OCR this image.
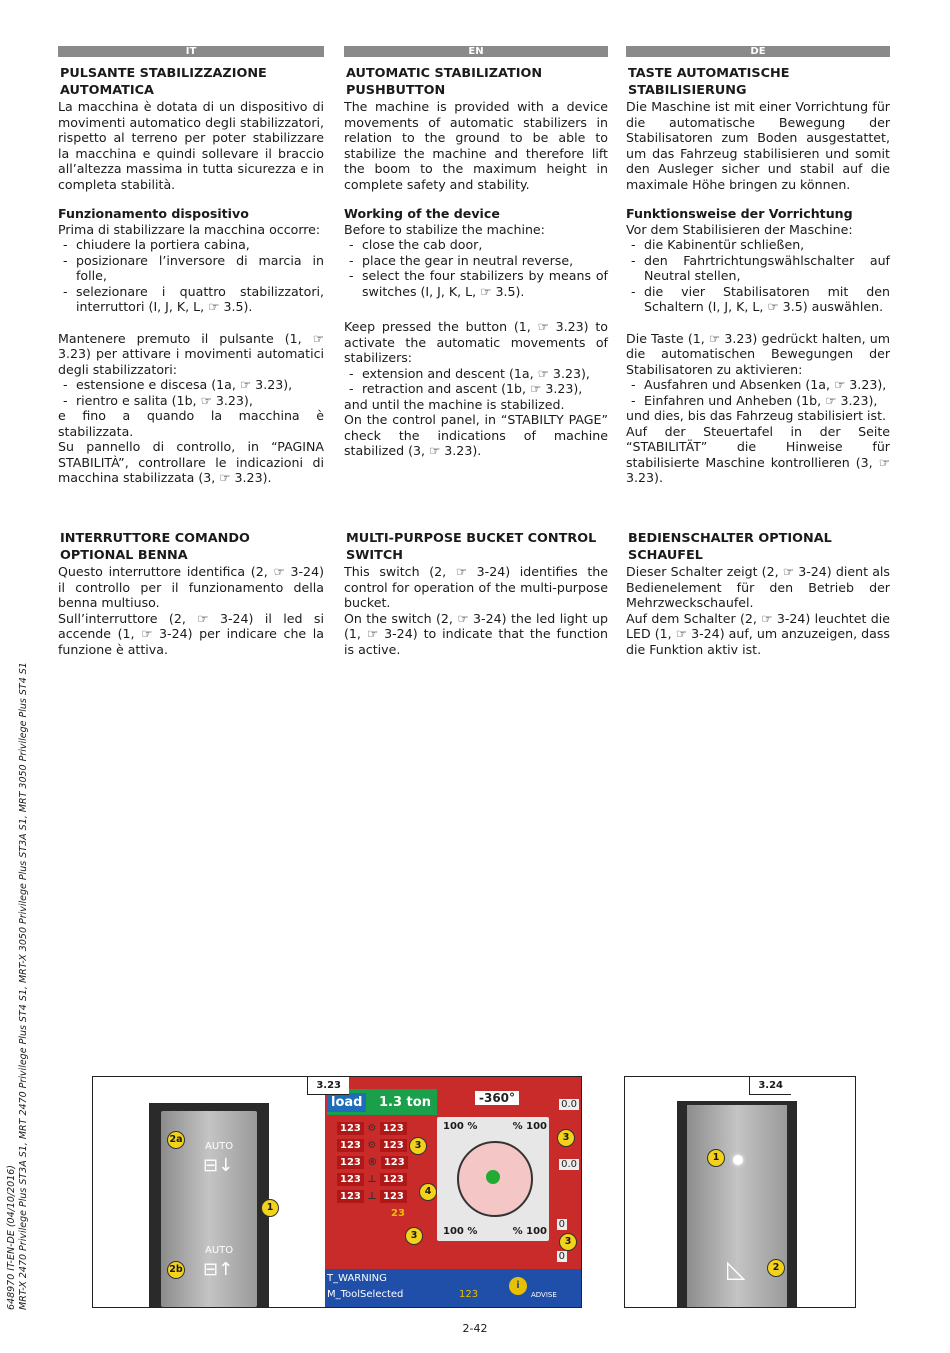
IT
PULSANTE STABILIZZAZIONE AUTOMATICA

La macchina è dotata di un dispositivo di movimenti automatico degli stabilizzatori, rispetto al terreno per poter stabilizzare la macchina e quindi sollevare il braccio all’altezza massima in tutta sicurezza e in completa stabilità.

Funzionamento dispositivo

Prima di stabilizzare la macchina occorre:

- chiudere la portiera cabina,
- posizionare l’inversore di marcia in folle,
- selezionare i quattro stabilizzatori, interruttori (I, J, K, L, ☞ 3.5).

Mantenere premuto il pulsante (1, ☞ 3.23) per attivare i movimenti automatici degli stabilizzatori:

- estensione e discesa (1a, ☞ 3.23),
- rientro e salita (1b, ☞ 3.23),

e fino a quando la macchina è stabilizzata.

Su pannello di controllo, in “PAGINA STABILITÀ”, controllare le indicazioni di macchina stabilizzata (3, ☞ 3.23).

EN
AUTOMATIC STABILIZATION PUSHBUTTON

The machine is provided with a device movements of automatic stabilizers in relation to the ground to be able to stabilize the machine and therefore lift the boom to the maximum height in complete safety and stability.

Working of the device

Before to stabilize the machine:

- close the cab door,
- place the gear in neutral reverse,
- select the four stabilizers by means of switches (I, J, K, L, ☞ 3.5).

Keep pressed the button (1, ☞ 3.23) to activate the automatic movements of stabilizers:

- extension and descent (1a, ☞ 3.23),
- retraction and ascent (1b, ☞ 3.23),

and until the machine is stabilized.

On the control panel, in “STABILTY PAGE” check the indications of machine stabilized (3, ☞ 3.23).

DE
TASTE AUTOMATISCHE STABILISIERUNG

Die Maschine ist mit einer Vorrichtung für die automatische Bewegung der Stabilisatoren zum Boden ausgestattet, um das Fahrzeug stabilisieren und somit den Ausleger sicher und stabil auf die maximale Höhe bringen zu können.

Funktionsweise der Vorrichtung

Vor dem Stabilisieren der Maschine:

- die Kabinentür schließen,
- den Fahrtrichtungswählschalter auf Neutral stellen,
- die vier Stabilisatoren mit den Schaltern (I, J, K, L, ☞ 3.5) auswählen.

Die Taste (1, ☞ 3.23) gedrückt halten, um die automatischen Bewegungen der Stabilisatoren zu aktivieren:

- Ausfahren und Absenken (1a, ☞ 3.23),
- Einfahren und Anheben (1b, ☞ 3.23),

und dies, bis das Fahrzeug stabilisiert ist.

Auf der Steuertafel in der Seite “STABILITÄT” die Hinweise für stabilisierte Maschine kontrollieren (3, ☞ 3.23).

INTERRUTTORE COMANDO OPTIONAL BENNA

Questo interruttore identifica (2, ☞ 3-24) il controllo per il funzionamento della benna multiuso.

Sull’interruttore (2, ☞ 3-24) il led si accende (1, ☞ 3-24) per indicare che la funzione è attiva.

MULTI-PURPOSE BUCKET CONTROL SWITCH

This switch (2, ☞ 3-24) identifies the control for operation of the multi-purpose bucket.

On the switch (2, ☞ 3-24) the led light up (1, ☞ 3-24) to indicate that the function is active.

BEDIENSCHALTER OPTIONAL SCHAUFEL

Dieser Schalter zeigt (2, ☞ 3-24) dient als Bedienelement für den Betrieb der Mehrzweckschaufel.

Auf dem Schalter (2, ☞ 3-24) leuchtet die LED (1, ☞ 3-24) auf, um anzuzeigen, dass die Funktion aktiv ist.

648970 IT-EN-DE (04/10/2016) MRT-X 2470 Privilege Plus ST3A S1, MRT 2470 Privilege Plus ST4 S1, MRT-X 3050 Privilege Plus ST3A S1, MRT 3050 Privilege Plus ST4 S1	AUTO
⊟↓
AUTO
⊟↑
2a
2b
1
load 1.3 ton	-360°
100 %	% 100
100 %	% 100
123 ⚙ 123
123 ⚙ 123
123 ® 123
123 ⊥ 123
123 ⊥ 123
23
0.0
0.0
0
0
T_WARNING
M_ToolSelected	123
i
ADVISE
3
3
4
3
3
3.23
◺
1
2
3.24
2-42
